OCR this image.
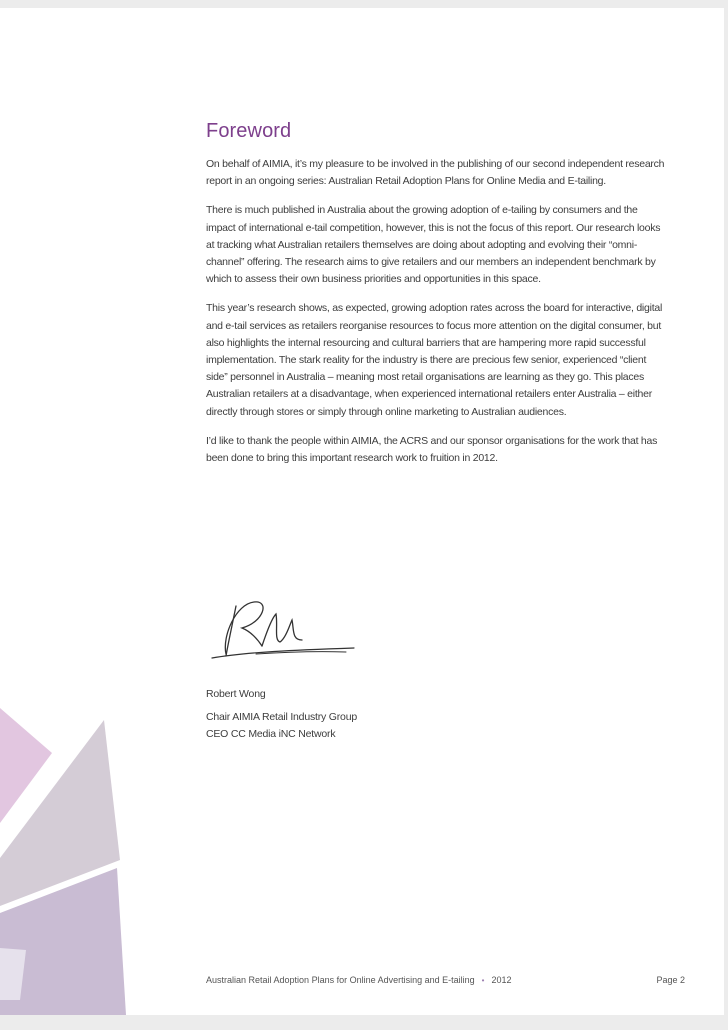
Foreword

On behalf of AIMIA, it’s my pleasure to be involved in the publishing of our second independent research report in an ongoing series: Australian Retail Adoption Plans for Online Media and E-tailing.

There is much published in Australia about the growing adoption of e-tailing by consumers and the impact of international e-tail competition, however, this is not the focus of this report. Our research looks at tracking what Australian retailers themselves are doing about adopting and evolving their “omni-channel” offering. The research aims to give retailers and our members an independent benchmark by which to assess their own business priorities and opportunities in this space.

This year’s research shows, as expected, growing adoption rates across the board for interactive, digital and e-tail services as retailers reorganise resources to focus more attention on the digital consumer, but also highlights the internal resourcing and cultural barriers that are hampering more rapid successful implementation. The stark reality for the industry is there are precious few senior, experienced “client side” personnel in Australia – meaning most retail organisations are learning as they go. This places Australian retailers at a disadvantage, when experienced international retailers enter Australia – either directly through stores or simply through online marketing to Australian audiences.

I’d like to thank the people within AIMIA, the ACRS and our sponsor organisations for the work that has been done to bring this important research work to fruition in 2012.

Robert Wong
Chair AIMIA Retail Industry Group
CEO CC Media iNC Network
Australian Retail Adoption Plans for Online Advertising and E-tailing • 2012	Page 2
